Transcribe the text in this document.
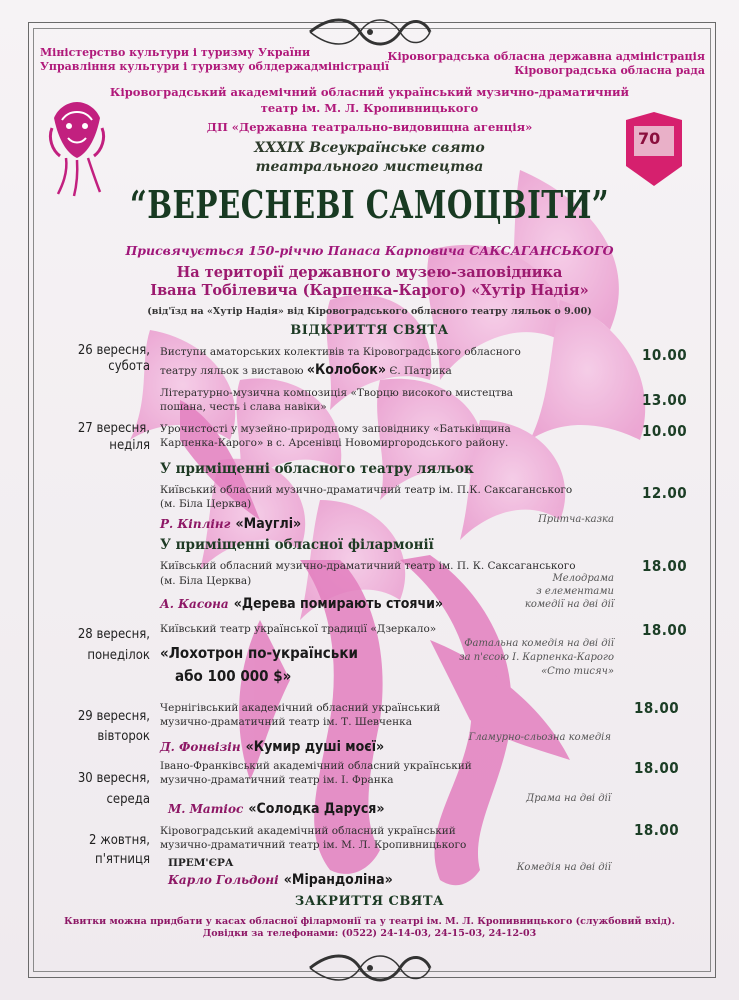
Міністерство культури і туризму України
Управління культури і туризму облдержадміністрації
Кіровоградська обласна державна адміністрація
Кіровоградська обласна рада
Кіровоградський академічний обласний український музично-драматичний
театр ім. М. Л. Кропивницького
ДП «Державна театрально-видовищна агенція»
70
XXXIX Всеукраїнське свято
театрального мистецтва
“ВЕРЕСНЕВІ САМОЦВІТИ”
Присвячується 150-річчю Панаса Карповича САКСАГАНСЬКОГО
На території державного музею-заповідника
Івана Тобілевича (Карпенка-Карого) «Хутір Надія»
(від'їзд на «Хутір Надія» від Кіровоградського обласного театру ляльок о 9.00)
ВІДКРИТТЯ СВЯТА
26 вересня,
субота
Виступи аматорських колективів та Кіровоградського обласного
театру ляльок з виставою «Колобок» Є. Патрика
10.00
Літературно-музична композиція «Творцю високого мистецтва
пошана, честь і слава навіки»	13.00
27 вересня,
неділя
Урочистості у музейно-природному заповіднику «Батьківщина
Карпенка-Карого» в с. Арсенівці Новомиргородського району.
10.00
У приміщенні обласного театру ляльок
Київський обласний музично-драматичний театр ім. П.К. Саксаганського
(м. Біла Церква)
Р. Кіплінг «Мауглі»	Притча-казка
12.00
У приміщенні обласної філармонії
Київський обласний музично-драматичний театр ім. П. К. Саксаганського
(м. Біла Церква)
А. Касона «Дерева помирають стоячи»
Мелодрама
з елементами
комедії на дві дії
18.00
28 вересня,
понеділок
Київський театр української традиції «Дзеркало»
«Лохотрон по-українськи
або 100 000 $»
Фатальна комедія на дві дії
за п'єсою І. Карпенка-Карого
«Сто тисяч»
18.00
29 вересня,
вівторок
Чернігівський академічний обласний український
музично-драматичний театр ім. Т. Шевченка
Д. Фонвізін «Кумир душі моєї»
Гламурно-сльозна комедія
18.00
30 вересня,
середа
Івано-Франківський академічний обласний український
музично-драматичний театр ім. І. Франка
М. Матіос «Солодка Даруся»
Драма на дві дії
18.00
2 жовтня,
п'ятниця
Кіровоградський академічний обласний український
музично-драматичний театр ім. М. Л. Кропивницького
ПРЕМ'ЄРА
Карло Гольдоні «Мірандоліна»
Комедія на дві дії
18.00
ЗАКРИТТЯ СВЯТА
Квитки можна придбати у касах обласної філармонії та у театрі ім. М. Л. Кропивницького (службовий вхід).
Довідки за телефонами: (0522) 24-14-03, 24-15-03, 24-12-03
